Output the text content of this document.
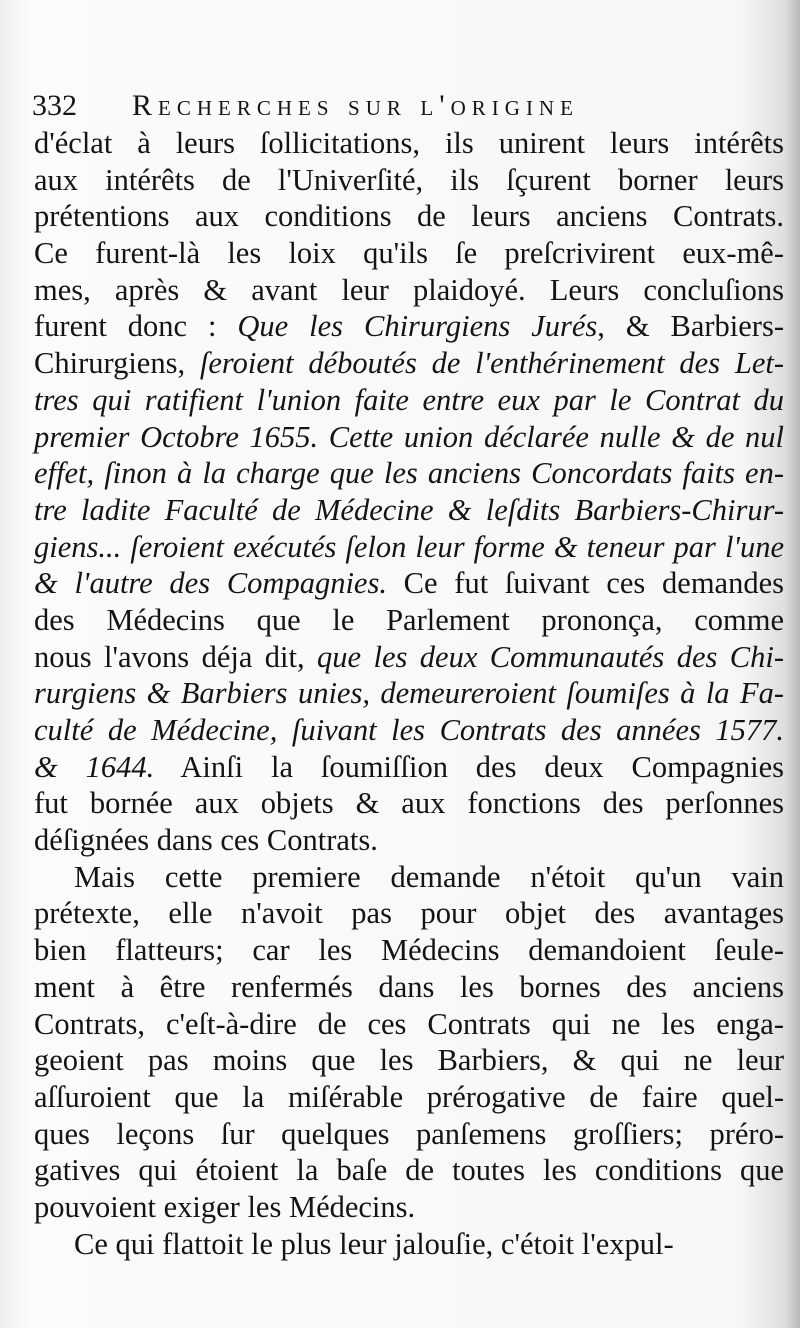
332 Recherches sur l'origine
d'éclat à leurs ſollicitations, ils unirent leurs intérêts
aux intérêts de l'Univerſité, ils ſçurent borner leurs
prétentions aux conditions de leurs anciens Contrats.
Ce furent-là les loix qu'ils ſe preſcrivirent eux-mê-
mes, après & avant leur plaidoyé. Leurs concluſions
furent donc : Que les Chirurgiens Jurés, & Barbiers-
Chirurgiens, ſeroient déboutés de l'enthérinement des Let-
tres qui ratifient l'union faite entre eux par le Contrat du
premier Octobre 1655. Cette union déclarée nulle & de nul
effet, ſinon à la charge que les anciens Concordats faits en-
tre ladite Faculté de Médecine & leſdits Barbiers-Chirur-
giens... ſeroient exécutés ſelon leur forme & teneur par l'une
& l'autre des Compagnies. Ce fut ſuivant ces demandes
des Médecins que le Parlement prononça, comme
nous l'avons déja dit, que les deux Communautés des Chi-
rurgiens & Barbiers unies, demeureroient ſoumiſes à la Fa-
culté de Médecine, ſuivant les Contrats des années 1577.
& 1644. Ainſi la ſoumiſſion des deux Compagnies
fut bornée aux objets & aux fonctions des perſonnes
déſignées dans ces Contrats.
Mais cette premiere demande n'étoit qu'un vain
prétexte, elle n'avoit pas pour objet des avantages
bien flatteurs; car les Médecins demandoient ſeule-
ment à être renfermés dans les bornes des anciens
Contrats, c'eſt-à-dire de ces Contrats qui ne les enga-
geoient pas moins que les Barbiers, & qui ne leur
aſſuroient que la miſérable prérogative de faire quel-
ques leçons ſur quelques panſemens groſſiers; préro-
gatives qui étoient la baſe de toutes les conditions que
pouvoient exiger les Médecins.
Ce qui flattoit le plus leur jalouſie, c'étoit l'expul-
